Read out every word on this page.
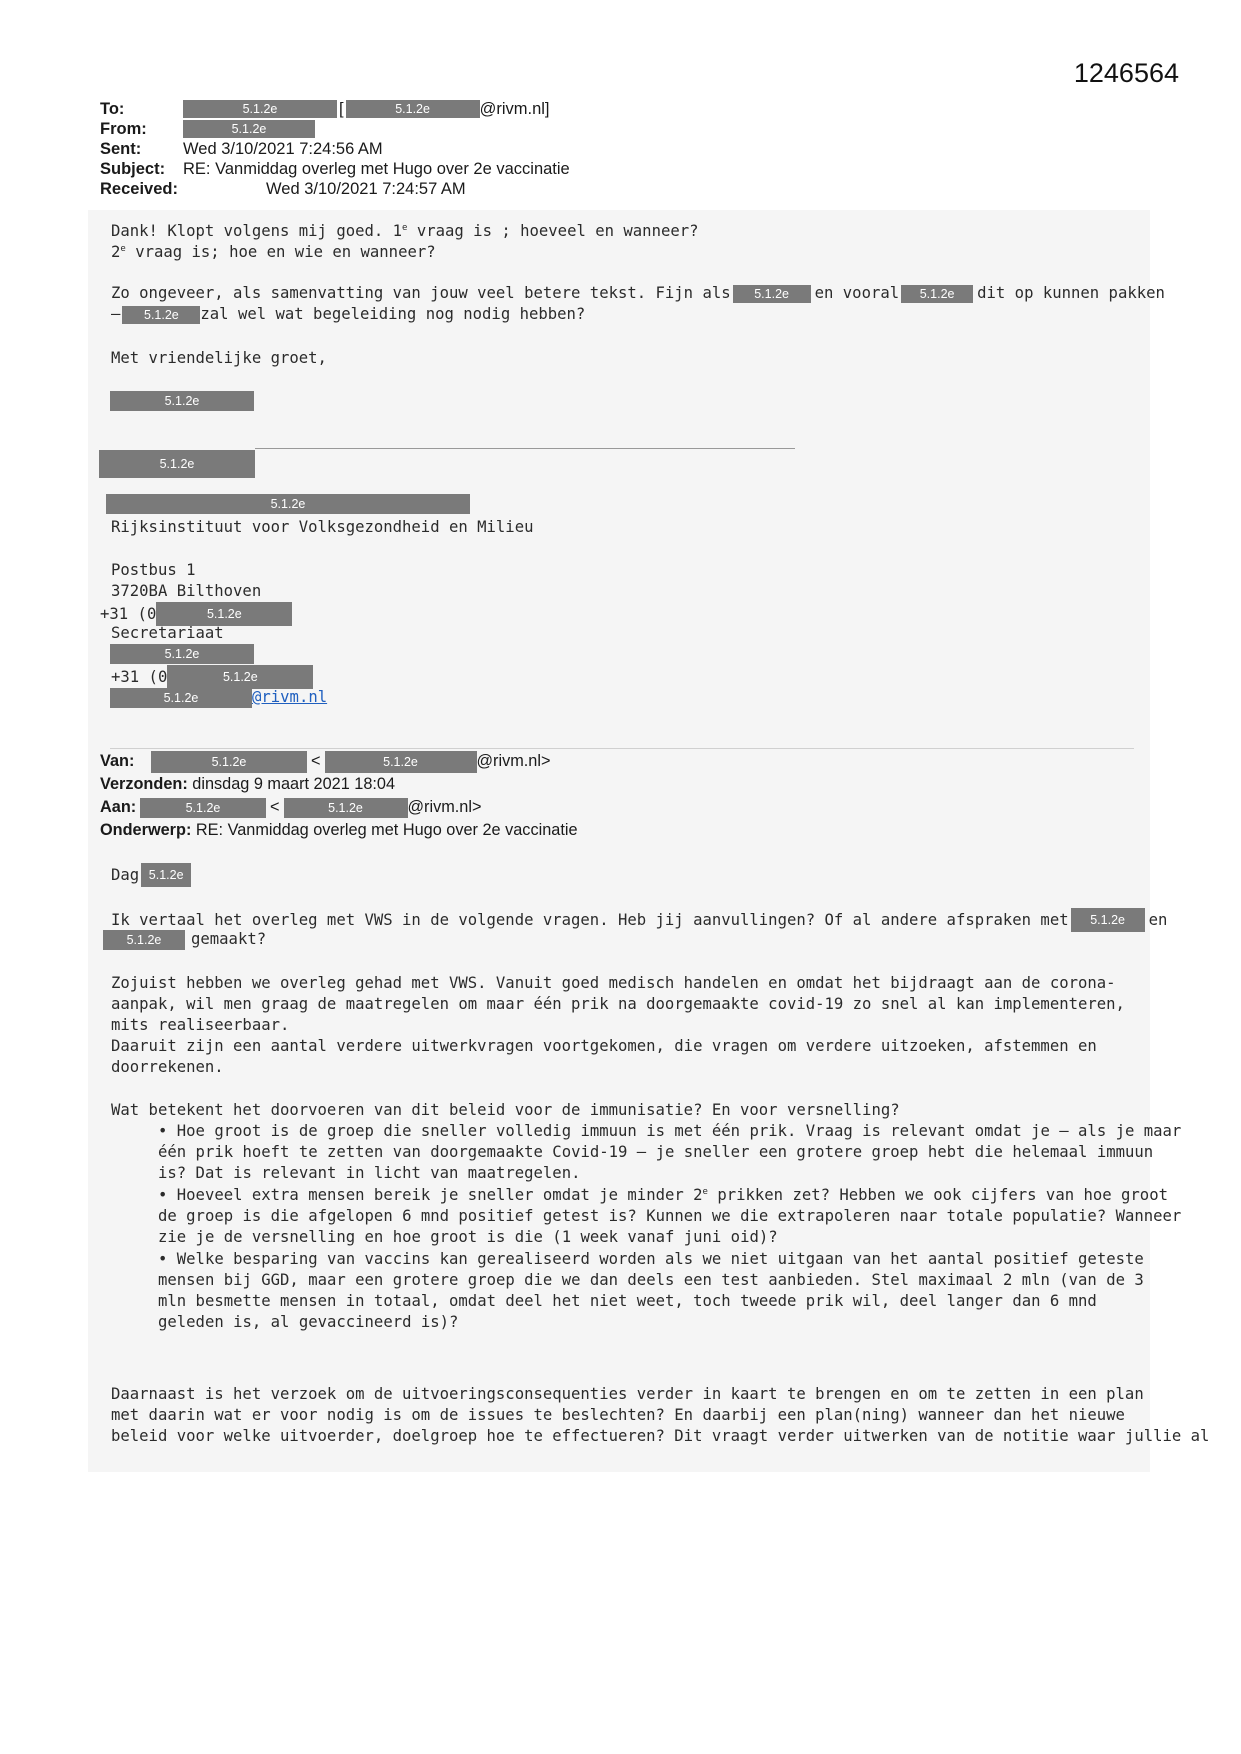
1246564
To:	5.1.2e	[	5.1.2e	@rivm.nl]
From:	5.1.2e
Sent:	Wed 3/10/2021 7:24:56 AM
Subject:	RE: Vanmiddag overleg met Hugo over 2e vaccinatie
Received:	Wed 3/10/2021 7:24:57 AM
Dank! Klopt volgens mij goed. 1e vraag is ; hoeveel en wanneer?
2e vraag is; hoe en wie en wanneer?
Zo ongeveer, als samenvatting van jouw veel betere tekst. Fijn als	5.1.2e	en vooral	5.1.2e	dit op kunnen pakken
–	5.1.2e	zal wel wat begeleiding nog nodig hebben?
Met vriendelijke groet,
5.1.2e
5.1.2e
5.1.2e
Rijksinstituut voor Volksgezondheid en Milieu
Postbus 1
3720BA Bilthoven
+31 (0	5.1.2e
Secretariaat
5.1.2e
+31 (0	5.1.2e
5.1.2e	@rivm.nl
Van:	5.1.2e	<	5.1.2e	@rivm.nl>
Verzonden:
dinsdag 9 maart 2021 18:04
Aan:	5.1.2e	<	5.1.2e	@rivm.nl>
Onderwerp:
RE: Vanmiddag overleg met Hugo over 2e vaccinatie
Dag 5.1.2e
Ik vertaal het overleg met VWS in de volgende vragen. Heb jij aanvullingen? Of al andere afspraken met	5.1.2e	en
5.1.2e	gemaakt?
Zojuist hebben we overleg gehad met VWS. Vanuit goed medisch handelen en omdat het bijdraagt aan de corona-
aanpak, wil men graag de maatregelen om maar één prik na doorgemaakte covid-19 zo snel al kan implementeren,
mits realiseerbaar.
Daaruit zijn een aantal verdere uitwerkvragen voortgekomen, die vragen om verdere uitzoeken, afstemmen en
doorrekenen.
Wat betekent het doorvoeren van dit beleid voor de immunisatie? En voor versnelling?
• Hoe groot is de groep die sneller volledig immuun is met één prik. Vraag is relevant omdat je – als je maar
één prik hoeft te zetten van doorgemaakte Covid-19 – je sneller een grotere groep hebt die helemaal immuun
is? Dat is relevant in licht van maatregelen.
• Hoeveel extra mensen bereik je sneller omdat je minder 2e prikken zet? Hebben we ook cijfers van hoe groot
de groep is die afgelopen 6 mnd positief getest is? Kunnen we die extrapoleren naar totale populatie? Wanneer
zie je de versnelling en hoe groot is die (1 week vanaf juni oid)?
• Welke besparing van vaccins kan gerealiseerd worden als we niet uitgaan van het aantal positief geteste
mensen bij GGD, maar een grotere groep die we dan deels een test aanbieden. Stel maximaal 2 mln (van de 3
mln besmette mensen in totaal, omdat deel het niet weet, toch tweede prik wil, deel langer dan 6 mnd
geleden is, al gevaccineerd is)?
Daarnaast is het verzoek om de uitvoeringsconsequenties verder in kaart te brengen en om te zetten in een plan
met daarin wat er voor nodig is om de issues te beslechten? En daarbij een plan(ning) wanneer dan het nieuwe
beleid voor welke uitvoerder, doelgroep hoe te effectueren? Dit vraagt verder uitwerken van de notitie waar jullie al
